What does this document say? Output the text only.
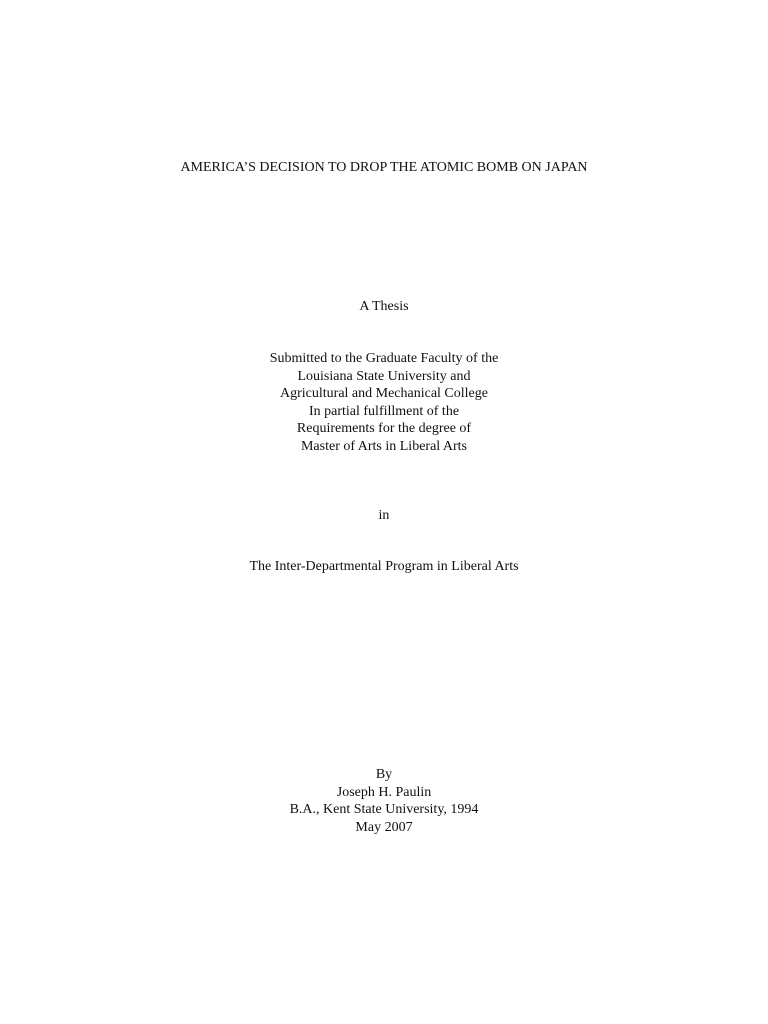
AMERICA’S DECISION TO DROP THE ATOMIC BOMB ON JAPAN
A Thesis
Submitted to the Graduate Faculty of the
Louisiana State University and
Agricultural and Mechanical College
In partial fulfillment of the
Requirements for the degree of
Master of Arts in Liberal Arts
in
The Inter-Departmental Program in Liberal Arts
By
Joseph H. Paulin
B.A., Kent State University, 1994
May 2007
